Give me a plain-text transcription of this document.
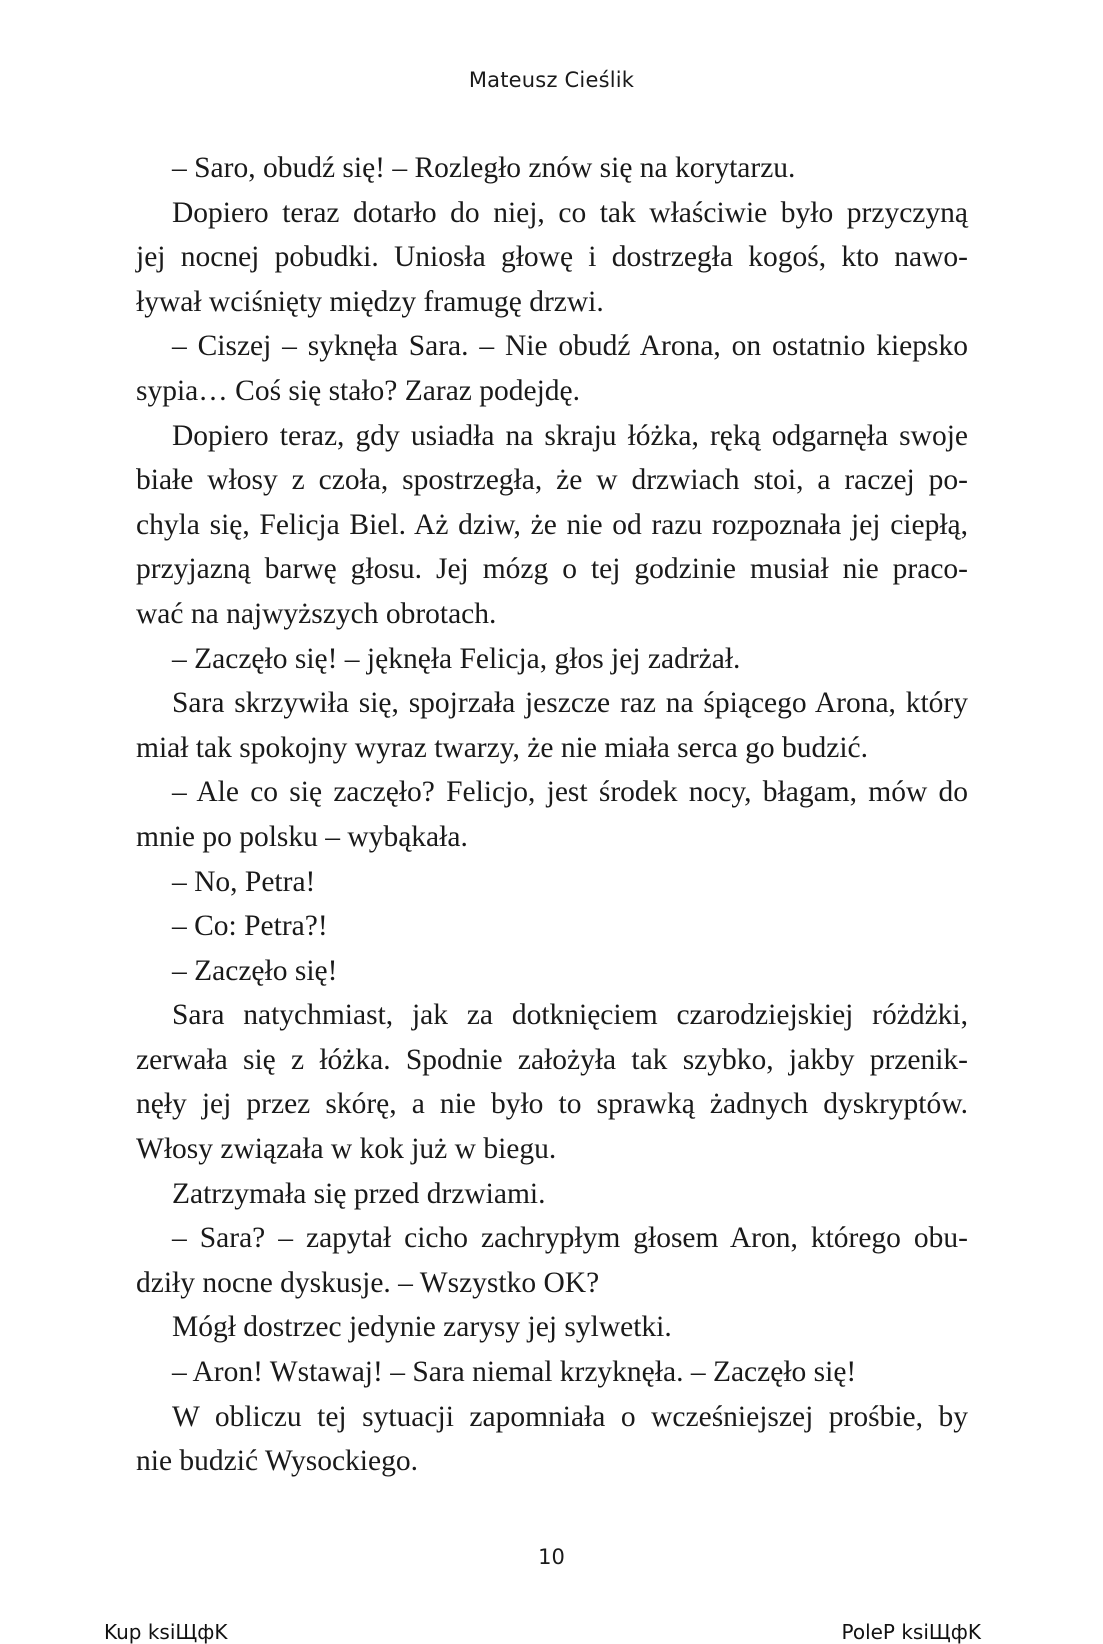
Mateusz Cieślik
– Saro, obudź się! – Rozległo znów się na korytarzu.
Dopiero teraz dotarło do niej, co tak właściwie było przyczyną
jej nocnej pobudki. Uniosła głowę i dostrzegła kogoś, kto nawo-
ływał wciśnięty między framugę drzwi.
– Ciszej – syknęła Sara. – Nie obudź Arona, on ostatnio kiepsko
sypia… Coś się stało? Zaraz podejdę.
Dopiero teraz, gdy usiadła na skraju łóżka, ręką odgarnęła swoje
białe włosy z czoła, spostrzegła, że w drzwiach stoi, a raczej po-
chyla się, Felicja Biel. Aż dziw, że nie od razu rozpoznała jej ciepłą,
przyjazną barwę głosu. Jej mózg o tej godzinie musiał nie praco-
wać na najwyższych obrotach.
– Zaczęło się! – jęknęła Felicja, głos jej zadrżał.
Sara skrzywiła się, spojrzała jeszcze raz na śpiącego Arona, który
miał tak spokojny wyraz twarzy, że nie miała serca go budzić.
– Ale co się zaczęło? Felicjo, jest środek nocy, błagam, mów do
mnie po polsku – wybąkała.
– No, Petra!
– Co: Petra?!
– Zaczęło się!
Sara natychmiast, jak za dotknięciem czarodziejskiej różdżki,
zerwała się z łóżka. Spodnie założyła tak szybko, jakby przenik-
nęły jej przez skórę, a nie było to sprawką żadnych dyskryptów.
Włosy związała w kok już w biegu.
Zatrzymała się przed drzwiami.
– Sara? – zapytał cicho zachrypłym głosem Aron, którego obu-
dziły nocne dyskusje. – Wszystko OK?
Mógł dostrzec jedynie zarysy jej sylwetki.
– Aron! Wstawaj! – Sara niemal krzyknęła. – Zaczęło się!
W obliczu tej sytuacji zapomniała o wcześniejszej prośbie, by
nie budzić Wysockiego.
10
Kup ksiЩфK	PoleP ksiЩфK
